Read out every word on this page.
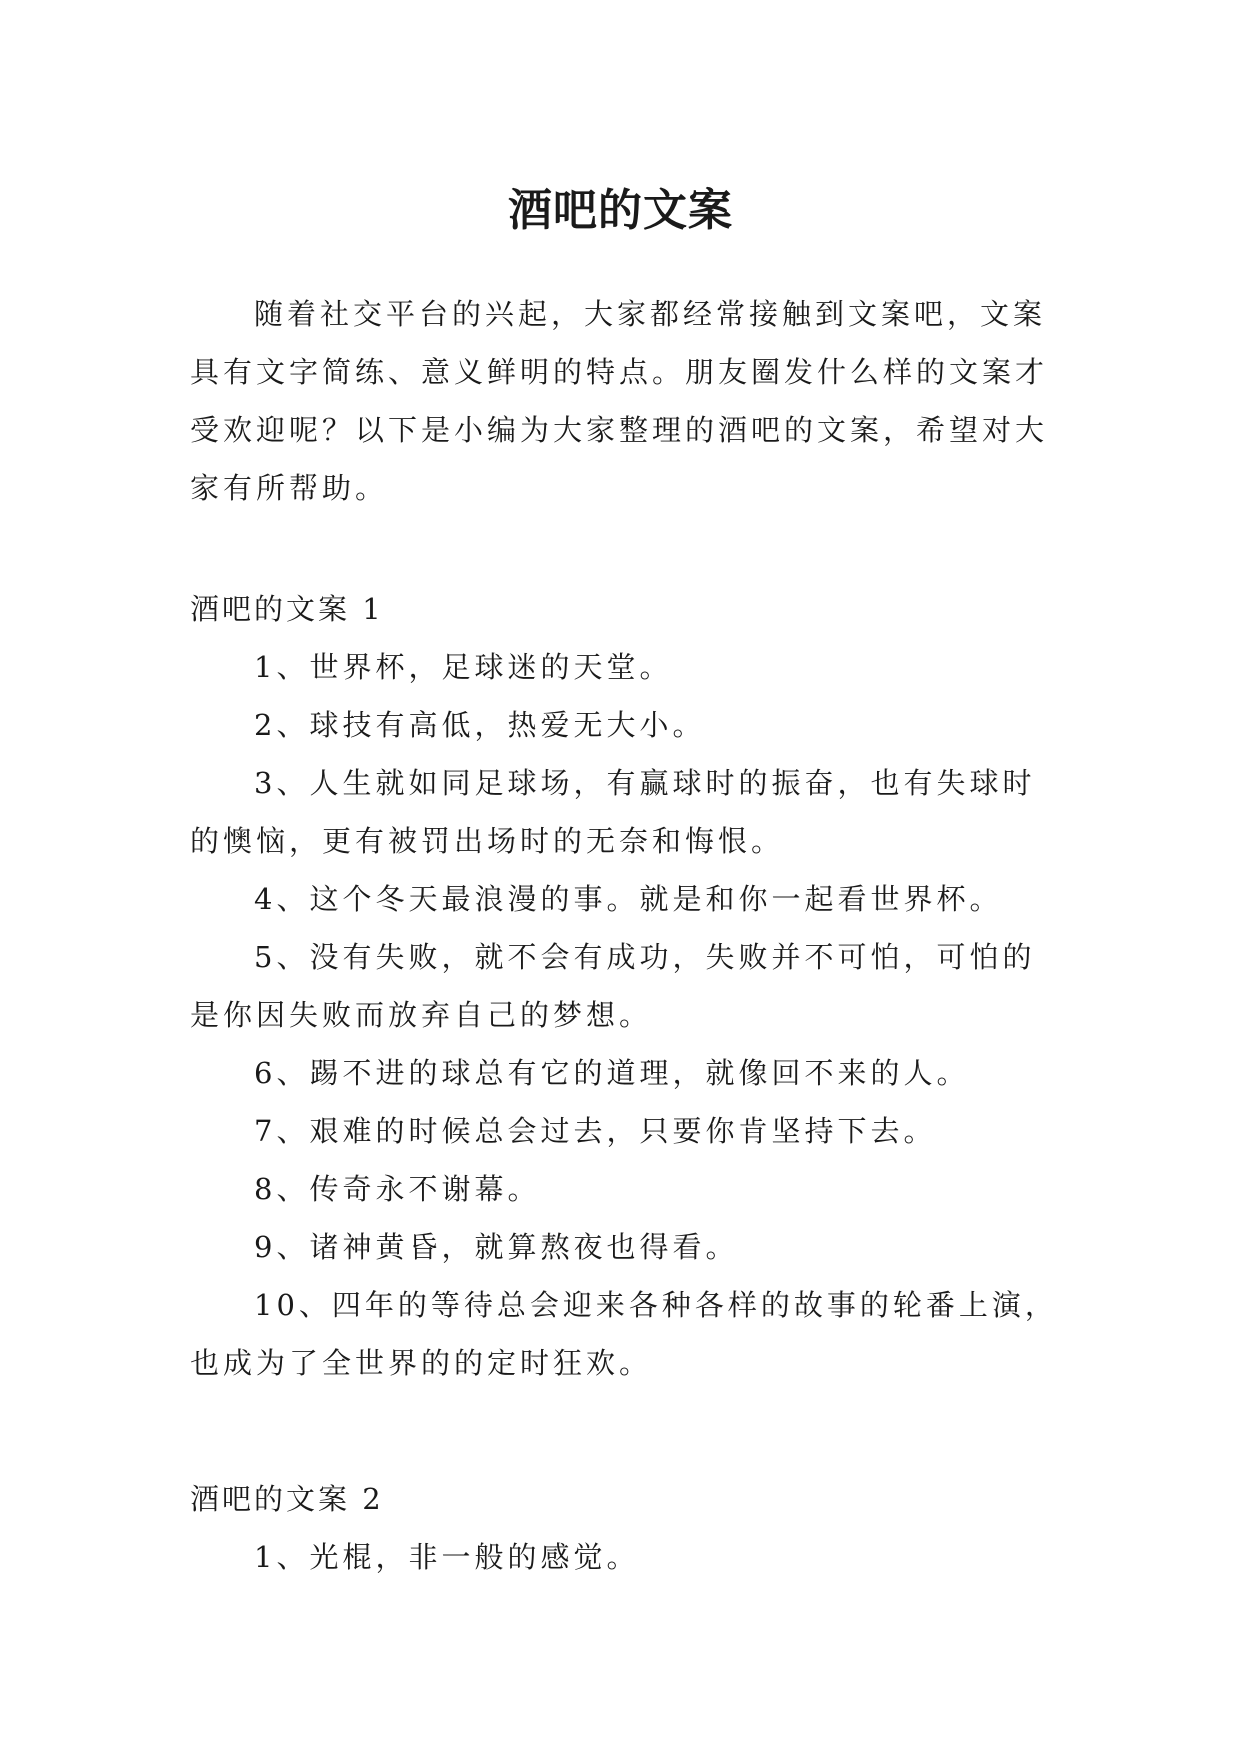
酒吧的文案

随着社交平台的兴起，大家都经常接触到文案吧，文案具有文字简练、意义鲜明的特点。朋友圈发什么样的文案才受欢迎呢？以下是小编为大家整理的酒吧的文案，希望对大家有所帮助。

酒吧的文案 1

1、世界杯，足球迷的天堂。

2、球技有高低，热爱无大小。

3、人生就如同足球场，有赢球时的振奋，也有失球时的懊恼，更有被罚出场时的无奈和悔恨。

4、这个冬天最浪漫的事。就是和你一起看世界杯。

5、没有失败，就不会有成功，失败并不可怕，可怕的是你因失败而放弃自己的梦想。

6、踢不进的球总有它的道理，就像回不来的人。

7、艰难的时候总会过去，只要你肯坚持下去。

8、传奇永不谢幕。

9、诸神黄昏，就算熬夜也得看。

10、四年的等待总会迎来各种各样的故事的轮番上演，也成为了全世界的的定时狂欢。

酒吧的文案 2

1、光棍，非一般的感觉。
